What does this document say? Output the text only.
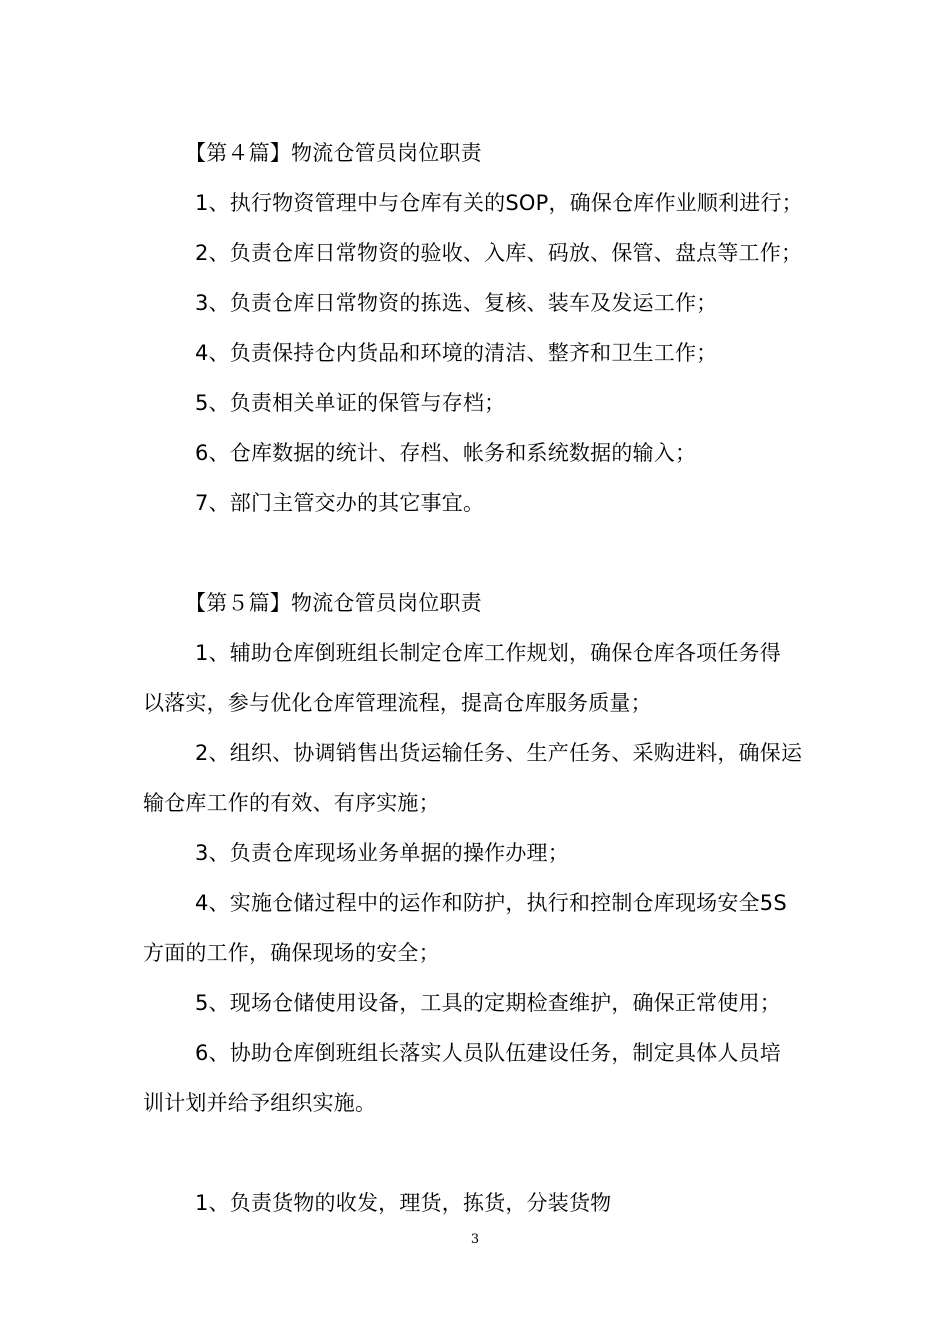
【第４篇】物流仓管员岗位职责
1、执行物资管理中与仓库有关的SOP，确保仓库作业顺利进行；
2、负责仓库日常物资的验收、入库、码放、保管、盘点等工作；
3、负责仓库日常物资的拣选、复核、装车及发运工作；
4、负责保持仓内货品和环境的清洁、整齐和卫生工作；
5、负责相关单证的保管与存档；
6、仓库数据的统计、存档、帐务和系统数据的输入；
7、部门主管交办的其它事宜。
【第５篇】物流仓管员岗位职责
1、辅助仓库倒班组长制定仓库工作规划，确保仓库各项任务得
以落实，参与优化仓库管理流程，提高仓库服务质量；
2、组织、协调销售出货运输任务、生产任务、采购进料，确保运
输仓库工作的有效、有序实施；
3、负责仓库现场业务单据的操作办理；
4、实施仓储过程中的运作和防护，执行和控制仓库现场安全5S
方面的工作，确保现场的安全；
5、现场仓储使用设备，工具的定期检查维护，确保正常使用；
6、协助仓库倒班组长落实人员队伍建设任务，制定具体人员培
训计划并给予组织实施。
1、负责货物的收发，理货，拣货，分装货物
3
